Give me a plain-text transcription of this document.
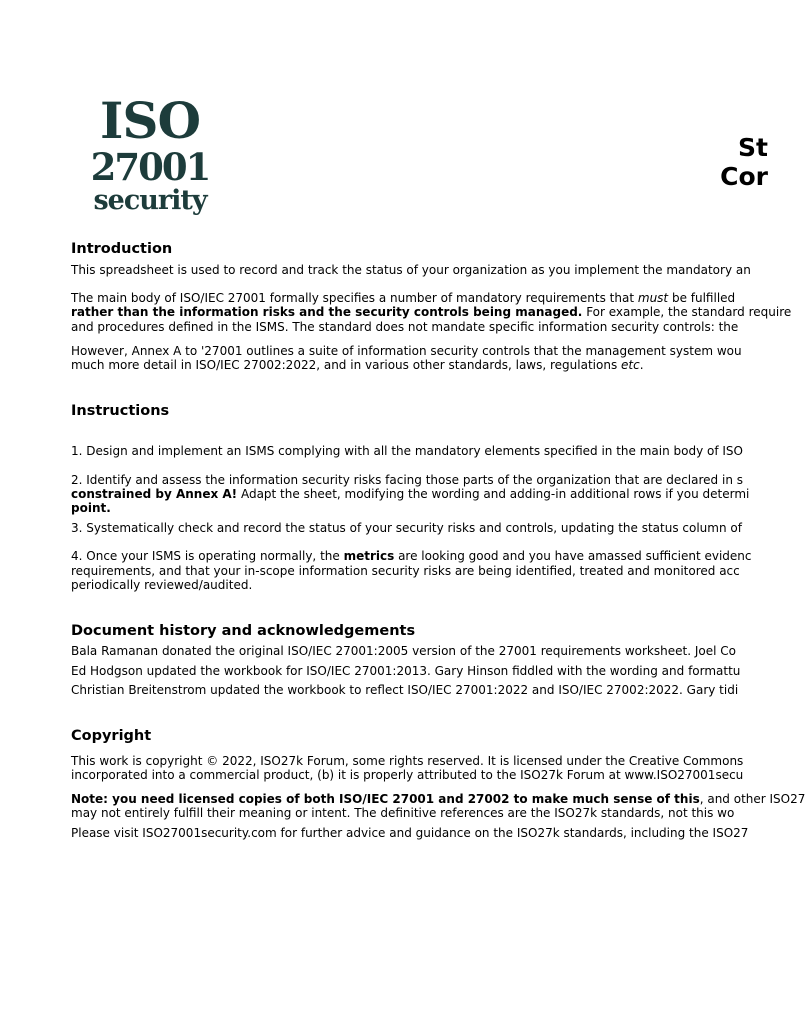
ISO
27001
security
St
Cor
Introduction
This spreadsheet is used to record and track the status of your organization as you implement the mandatory an
The main body of ISO/IEC 27001 formally specifies a number of mandatory requirements that must be fulfilled
rather than the information risks and the security controls being managed. For example, the standard require
and procedures defined in the ISMS. The standard does not mandate specific information security controls: the
However, Annex A to '27001 outlines a suite of information security controls that the management system wou
much more detail in ISO/IEC 27002:2022, and in various other standards, laws, regulations etc.
Instructions
1. Design and implement an ISMS complying with all the mandatory elements specified in the main body of ISO
2. Identify and assess the information security risks facing those parts of the organization that are declared in s
constrained by Annex A! Adapt the sheet, modifying the wording and adding-in additional rows if you determi
point.
3. Systematically check and record the status of your security risks and controls, updating the status column of
4. Once your ISMS is operating normally, the metrics are looking good and you have amassed sufficient evidenc
requirements, and that your in-scope information security risks are being identified, treated and monitored acc
periodically reviewed/audited.
Document history and acknowledgements
Bala Ramanan donated the original ISO/IEC 27001:2005 version of the 27001 requirements worksheet. Joel Co
Ed Hodgson updated the workbook for ISO/IEC 27001:2013. Gary Hinson fiddled with the wording and formattu
Christian Breitenstrom updated the workbook to reflect ISO/IEC 27001:2022 and ISO/IEC 27002:2022. Gary tidi
Copyright
This work is copyright © 2022, ISO27k Forum, some rights reserved. It is licensed under the Creative Commons
incorporated into a commercial product, (b) it is properly attributed to the ISO27k Forum at www.ISO27001secu
Note: you need licensed copies of both ISO/IEC 27001 and 27002 to make much sense of this, and other ISO27
may not entirely fulfill their meaning or intent. The definitive references are the ISO27k standards, not this wo
Please visit ISO27001security.com for further advice and guidance on the ISO27k standards, including the ISO27
